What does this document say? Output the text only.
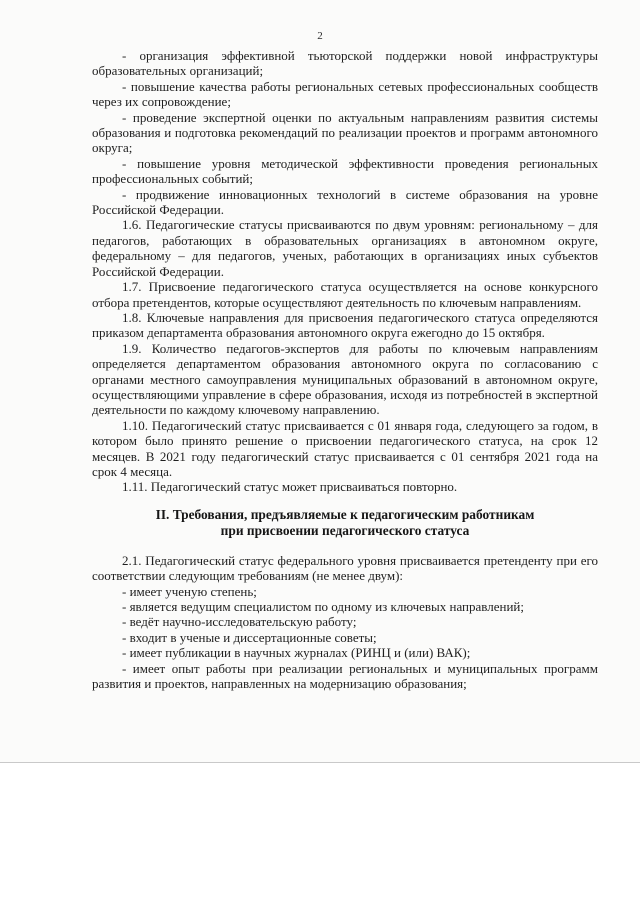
2

- организация эффективной тьюторской поддержки новой инфраструктуры образовательных организаций;

- повышение качества работы региональных сетевых профессиональных сообществ через их сопровождение;

- проведение экспертной оценки по актуальным направлениям развития системы образования и подготовка рекомендаций по реализации проектов и программ автономного округа;

- повышение уровня методической эффективности проведения региональных профессиональных событий;

- продвижение инновационных технологий в системе образования на уровне Российской Федерации.

1.6. Педагогические статусы присваиваются по двум уровням: региональному – для педагогов, работающих в образовательных организациях в автономном округе, федеральному – для педагогов, ученых, работающих в организациях иных субъектов Российской Федерации.

1.7. Присвоение педагогического статуса осуществляется на основе конкурсного отбора претендентов, которые осуществляют деятельность по ключевым направлениям.

1.8. Ключевые направления для присвоения педагогического статуса определяются приказом департамента образования автономного округа ежегодно до 15 октября.

1.9. Количество педагогов-экспертов для работы по ключевым направлениям определяется департаментом образования автономного округа по согласованию с органами местного самоуправления муниципальных образований в автономном округе, осуществляющими управление в сфере образования, исходя из потребностей в экспертной деятельности по каждому ключевому направлению.

1.10. Педагогический статус присваивается с 01 января года, следующего за годом, в котором было принято решение о присвоении педагогического статуса, на срок 12 месяцев. В 2021 году педагогический статус присваивается с 01 сентября 2021 года на срок 4 месяца.

1.11. Педагогический статус может присваиваться повторно.

II. Требования, предъявляемые к педагогическим работникам
при присвоении педагогического статуса

2.1. Педагогический статус федерального уровня присваивается претенденту при его соответствии следующим требованиям (не менее двум):

- имеет ученую степень;

- является ведущим специалистом по одному из ключевых направлений;

- ведёт научно-исследовательскую работу;

- входит в ученые и диссертационные советы;

- имеет публикации в научных журналах (РИНЦ и (или) ВАК);

- имеет опыт работы при реализации региональных и муниципальных программ развития и проектов, направленных на модернизацию образования;
